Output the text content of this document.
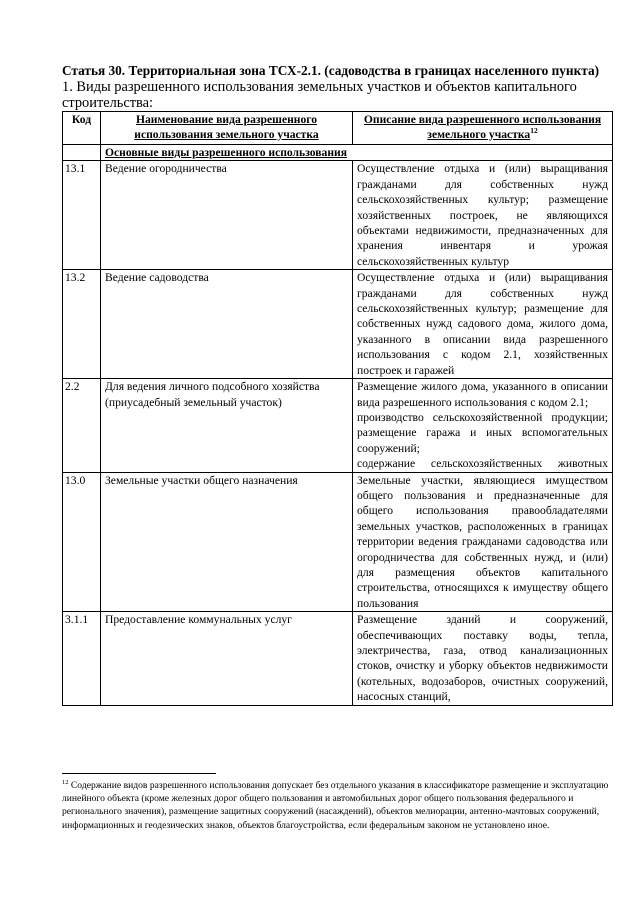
Статья 30. Территориальная зона ТСХ-2.1. (садоводства в границах населенного пункта)

1. Виды разрешенного использования земельных участков и объектов капитального строительства:

Код	Наименование вида разрешенного использования земельного участка	Описание вида разрешенного использования земельного участка$^{12}$
	Основные виды разрешенного использования	
13.1	Ведение огородничества	Осуществление отдыха и (или) выращивания гражданами для собственных нужд сельскохозяйственных культур; размещение хозяйственных построек, не являющихся объектами недвижимости, предназначенных для хранения инвентаря и урожая сельскохозяйственных культур

13.2	Ведение садоводства	Осуществление отдыха и (или) выращивания гражданами для собственных нужд сельскохозяйственных культур; размещение для собственных нужд садового дома, жилого дома, указанного в описании вида разрешенного использования с кодом 2.1, хозяйственных построек и гаражей

2.2	Для ведения личного подсобного хозяйства (приусадебный земельный участок)	Размещение жилого дома, указанного в описании вида разрешенного использования с кодом 2.1;

производство сельскохозяйственной продукции;

размещение гаража и иных вспомогательных сооружений;

содержание сельскохозяйственных животных

13.0	Земельные участки общего назначения	Земельные участки, являющиеся имуществом общего пользования и предназначенные для общего использования правообладателями земельных участков, расположенных в границах территории ведения гражданами садоводства или огородничества для собственных нужд, и (или) для размещения объектов капитального строительства, относящихся к имуществу общего пользования

3.1.1	Предоставление коммунальных услуг	Размещение зданий и сооружений, обеспечивающих поставку воды, тепла, электричества, газа, отвод канализационных стоков, очистку и уборку объектов недвижимости (котельных, водозаборов, очистных сооружений, насосных станций,

$^{12}$ Содержание видов разрешенного использования допускает без отдельного указания в классификаторе размещение и эксплуатацию линейного объекта (кроме железных дорог общего пользования и автомобильных дорог общего пользования федерального и регионального значения), размещение защитных сооружений (насаждений), объектов мелиорации, антенно-мачтовых сооружений, информационных и геодезических знаков, объектов благоустройства, если федеральным законом не установлено иное.
